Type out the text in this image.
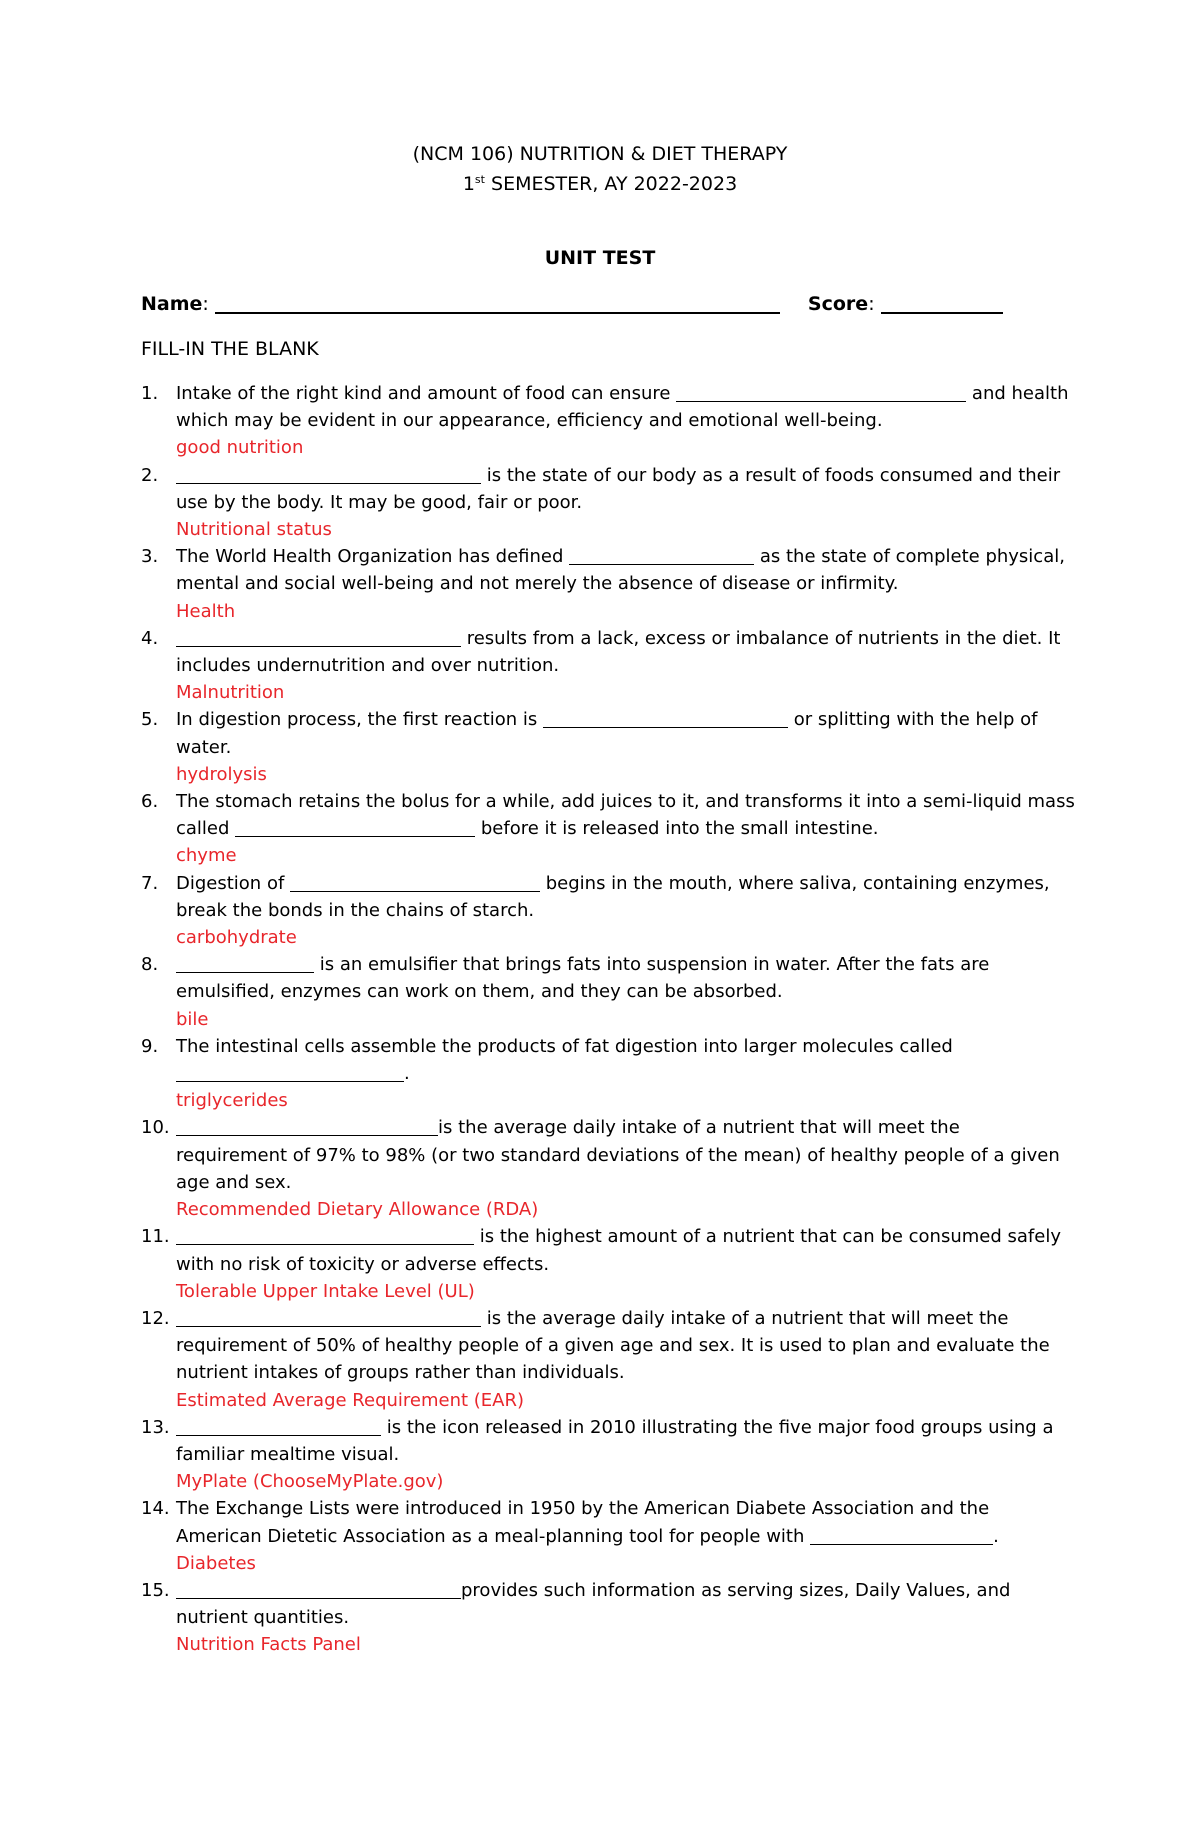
(NCM 106) NUTRITION & DIET THERAPY
1st SEMESTER, AY 2022-2023
UNIT TEST
Name:	Score:
FILL-IN THE BLANK
1. Intake of the right kind and amount of food can ensure	and health which may be evident in our appearance, efficiency and emotional well-being.
good nutrition
2.	is the state of our body as a result of foods consumed and their use by the body. It may be good, fair or poor.
Nutritional status
3. The World Health Organization has defined	as the state of complete physical, mental and social well-being and not merely the absence of disease or infirmity.
Health
4.	results from a lack, excess or imbalance of nutrients in the diet. It includes undernutrition and over nutrition.
Malnutrition
5. In digestion process, the first reaction is	or splitting with the help of water.
hydrolysis
6. The stomach retains the bolus for a while, add juices to it, and transforms it into a semi-liquid mass called	before it is released into the small intestine.
chyme
7. Digestion of	begins in the mouth, where saliva, containing enzymes, break the bonds in the chains of starch.
carbohydrate
8.	is an emulsifier that brings fats into suspension in water. After the fats are emulsified, enzymes can work on them, and they can be absorbed.
bile
9. The intestinal cells assemble the products of fat digestion into larger molecules called .
triglycerides
10.	is the average daily intake of a nutrient that will meet the requirement of 97% to 98% (or two standard deviations of the mean) of healthy people of a given age and sex.
Recommended Dietary Allowance (RDA)
11.	is the highest amount of a nutrient that can be consumed safely with no risk of toxicity or adverse effects.
Tolerable Upper Intake Level (UL)
12.	is the average daily intake of a nutrient that will meet the requirement of 50% of healthy people of a given age and sex. It is used to plan and evaluate the nutrient intakes of groups rather than individuals.
Estimated Average Requirement (EAR)
13.	is the icon released in 2010 illustrating the five major food groups using a familiar mealtime visual.
MyPlate (ChooseMyPlate.gov)
14. The Exchange Lists were introduced in 1950 by the American Diabete Association and the American Dietetic Association as a meal-planning tool for people with	.
Diabetes
15.	provides such information as serving sizes, Daily Values, and nutrient quantities.
Nutrition Facts Panel
